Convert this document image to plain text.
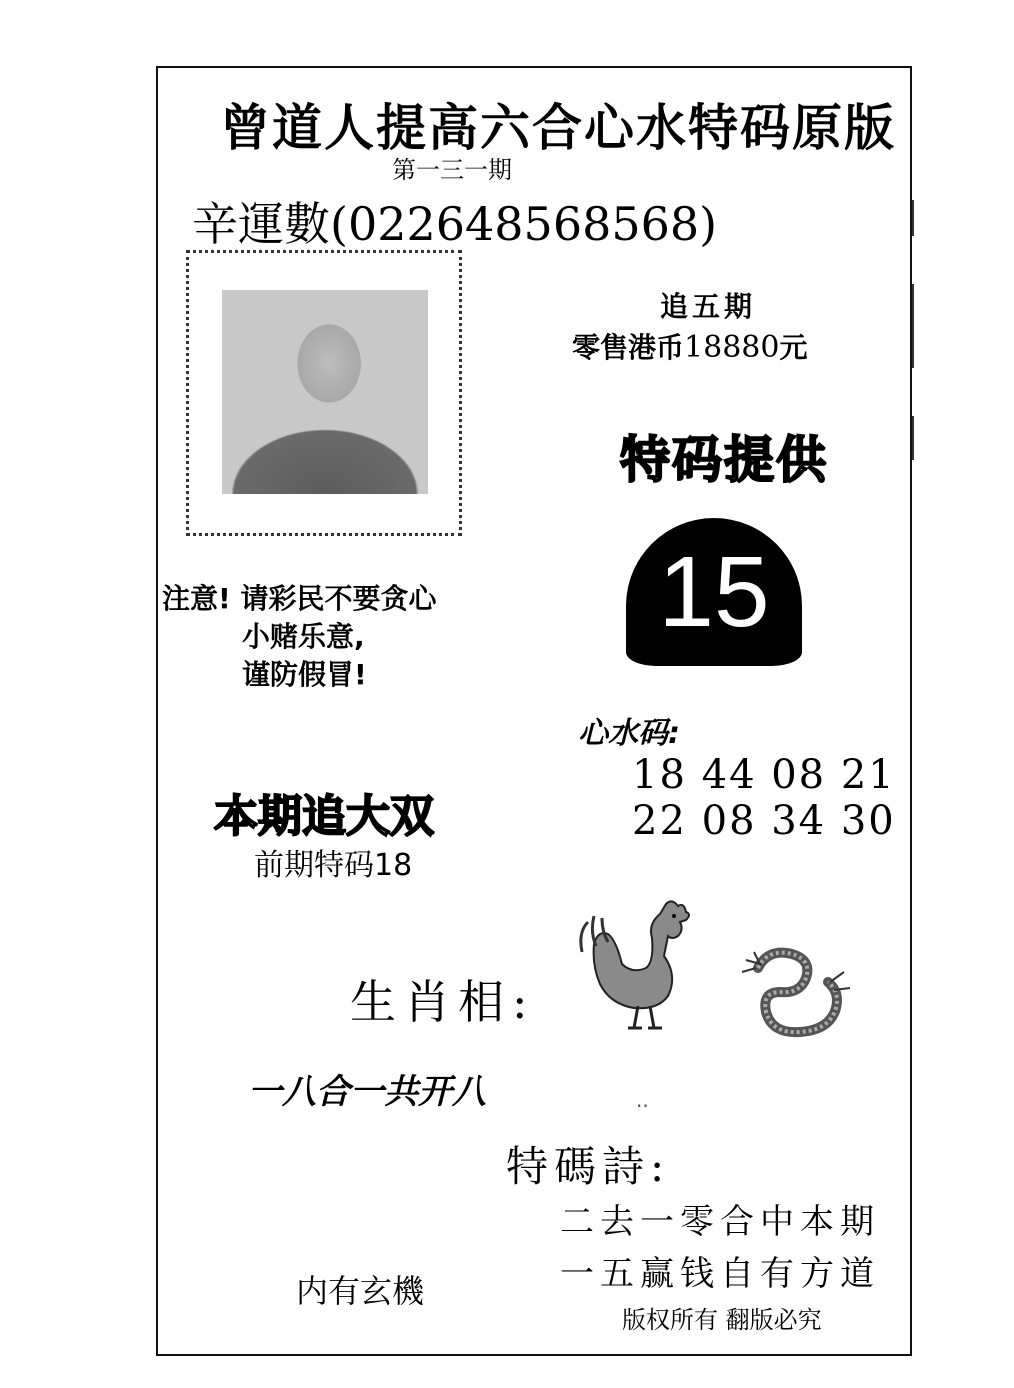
曾道人提高六合心水特码原版
第一三一期
辛運數(022648568568)
追五期
零售港币18880元
特码提供
15
注意! 请彩民不要贪心
小赌乐意,
谨防假冒!
心水码:
18 44 08 21
22 08 34 30
本期追大双
前期特码18
生肖相:
一八合一共开八	..
特碼詩:
二去一零合中本期
一五赢钱自有方道
内有玄機
版权所有 翻版必究
